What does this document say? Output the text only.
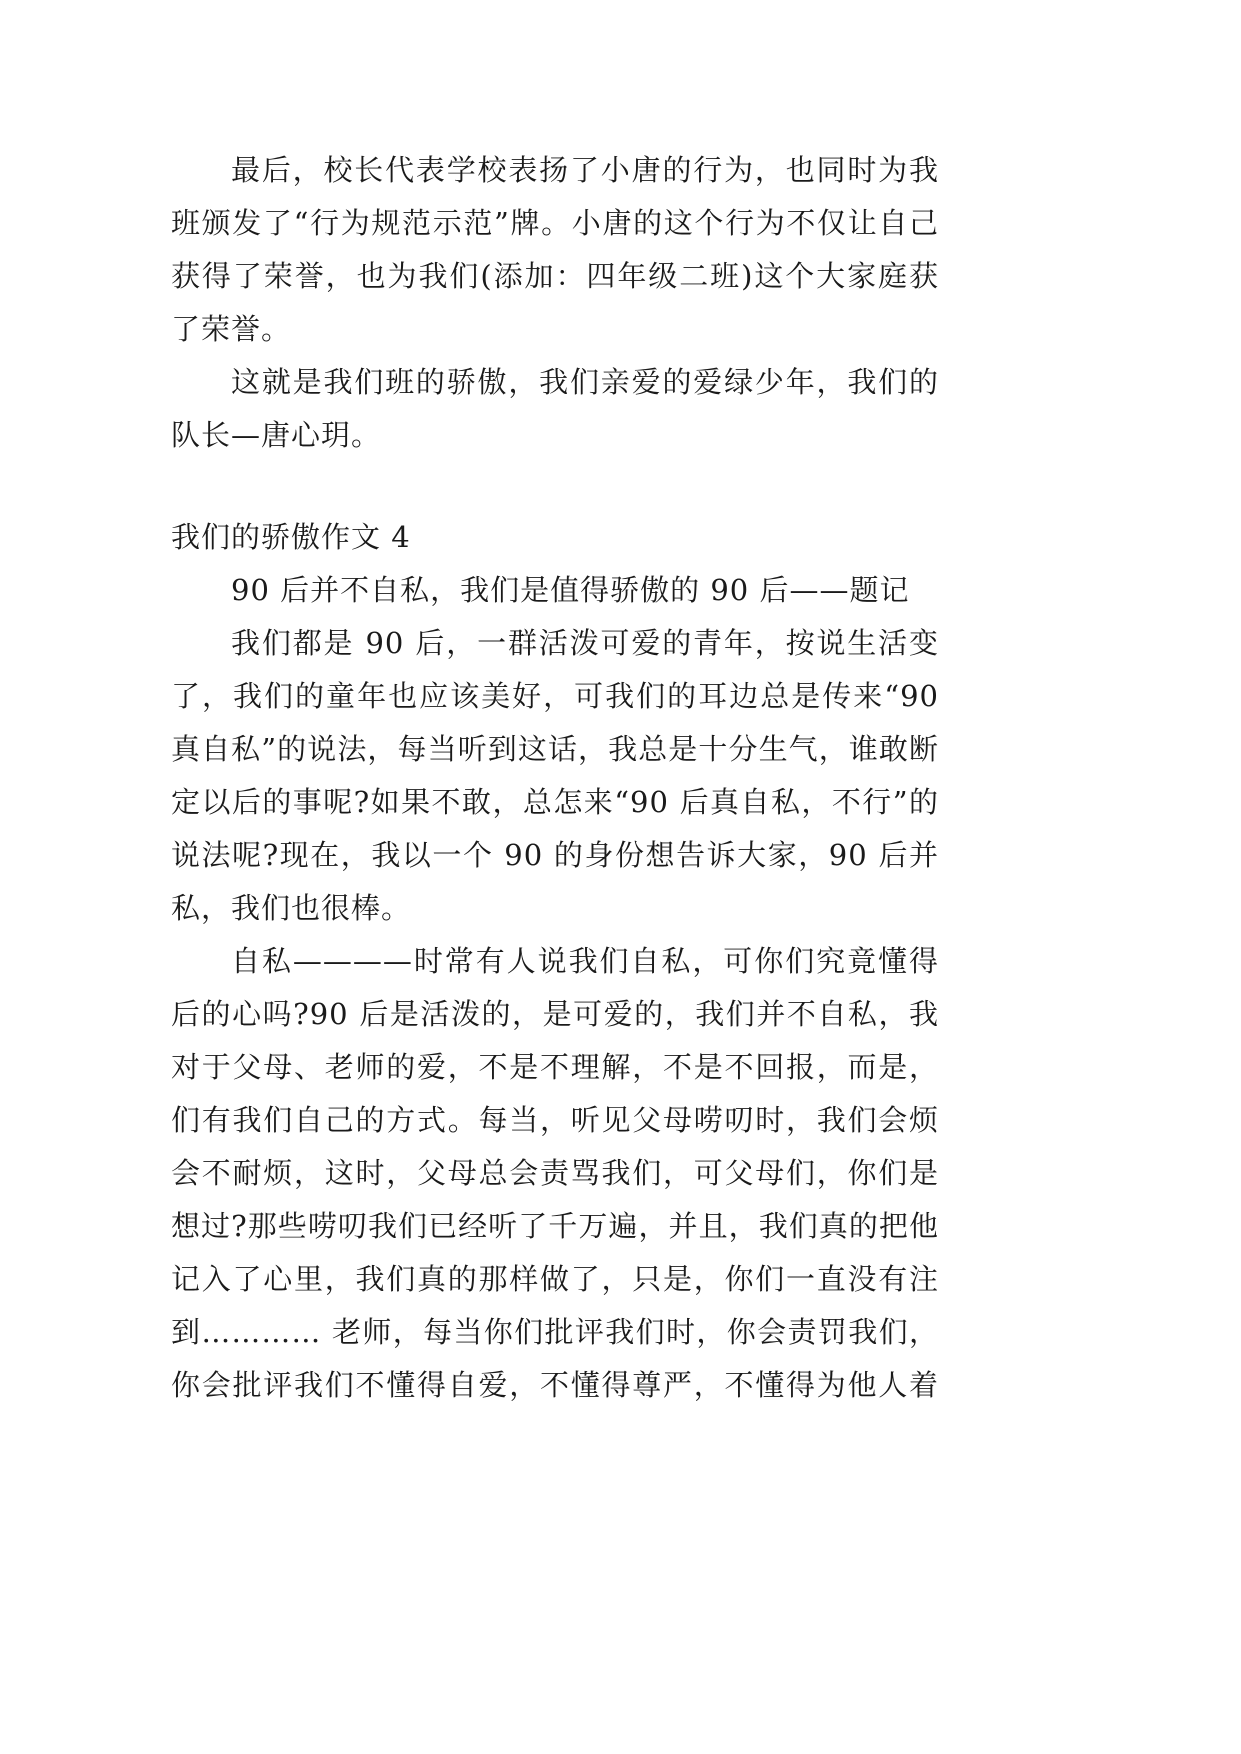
最后，校长代表学校表扬了小唐的行为，也同时为我
班颁发了“行为规范示范”牌。小唐的这个行为不仅让自己
获得了荣誉，也为我们(添加：四年级二班)这个大家庭获
了荣誉。
这就是我们班的骄傲，我们亲爱的爱绿少年，我们的
队长—唐心玥。
我们的骄傲作文 4
90 后并不自私，我们是值得骄傲的 90 后——题记
我们都是 90 后，一群活泼可爱的青年，按说生活变
了，我们的童年也应该美好，可我们的耳边总是传来“90
真自私”的说法，每当听到这话，我总是十分生气，谁敢断
定以后的事呢?如果不敢，总怎来“90 后真自私，不行”的
说法呢?现在，我以一个 90 的身份想告诉大家，90 后并
私，我们也很棒。
自私————时常有人说我们自私，可你们究竟懂得
后的心吗?90 后是活泼的，是可爱的，我们并不自私，我
对于父母、老师的爱，不是不理解，不是不回报，而是，
们有我们自己的方式。每当，听见父母唠叨时，我们会烦
会不耐烦，这时，父母总会责骂我们，可父母们，你们是
想过?那些唠叨我们已经听了千万遍，并且，我们真的把他
记入了心里，我们真的那样做了，只是，你们一直没有注
到………… 老师，每当你们批评我们时，你会责罚我们，
你会批评我们不懂得自爱，不懂得尊严，不懂得为他人着
